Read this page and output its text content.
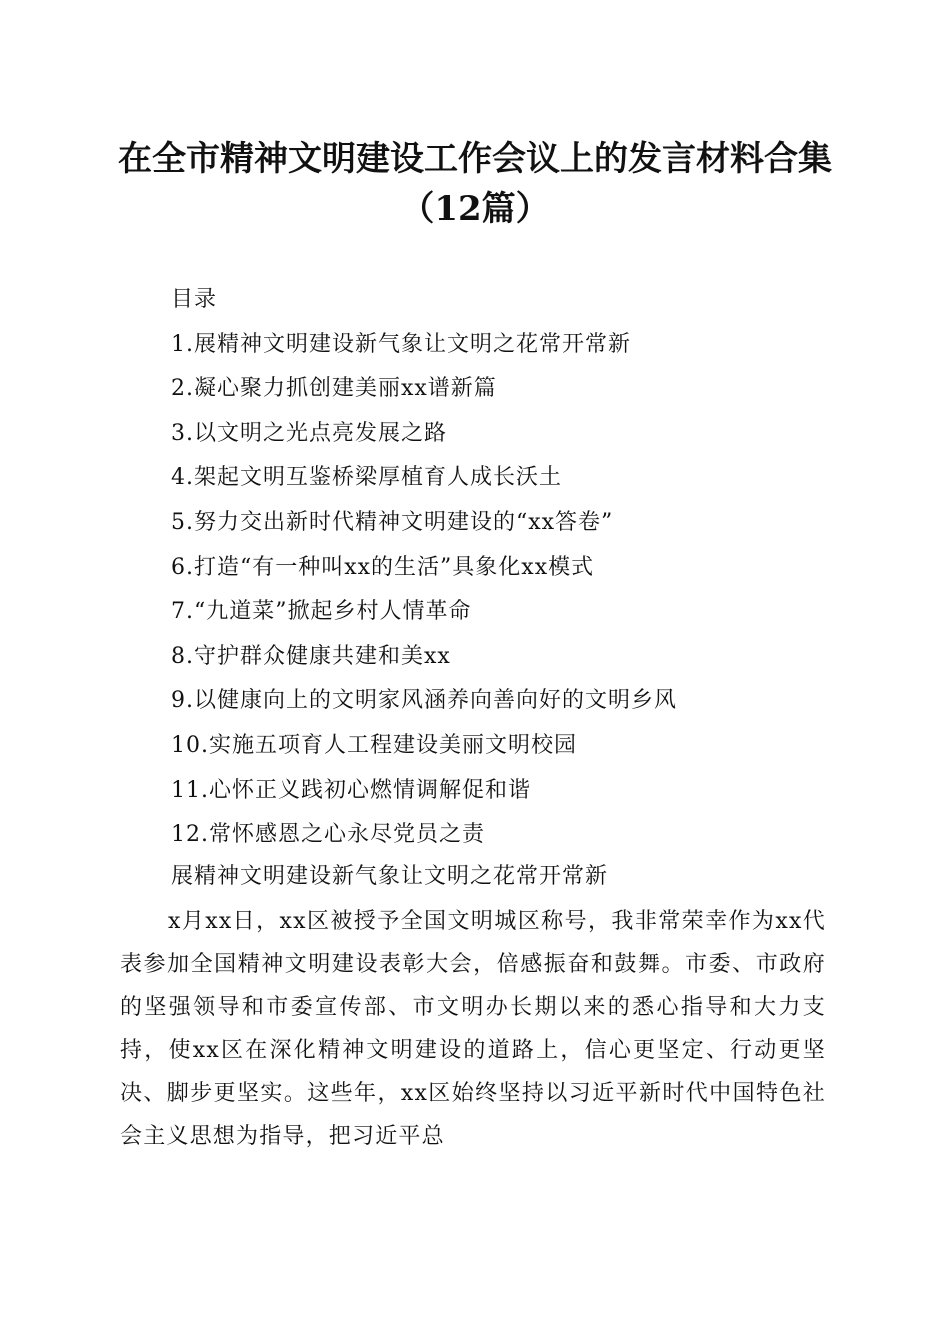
在全市精神文明建设工作会议上的发言材料合集（12篇）
目录
1.展精神文明建设新气象让文明之花常开常新
2.凝心聚力抓创建美丽xx谱新篇
3.以文明之光点亮发展之路
4.架起文明互鉴桥梁厚植育人成长沃土
5.努力交出新时代精神文明建设的“xx答卷”
6.打造“有一种叫xx的生活”具象化xx模式
7.“九道菜”掀起乡村人情革命
8.守护群众健康共建和美xx
9.以健康向上的文明家风涵养向善向好的文明乡风
10.实施五项育人工程建设美丽文明校园
11.心怀正义践初心燃情调解促和谐
12.常怀感恩之心永尽党员之责
展精神文明建设新气象让文明之花常开常新
x月xx日，xx区被授予全国文明城区称号，我非常荣幸作为xx代表参加全国精神文明建设表彰大会，倍感振奋和鼓舞。市委、市政府的坚强领导和市委宣传部、市文明办长期以来的悉心指导和大力支持，使xx区在深化精神文明建设的道路上，信心更坚定、行动更坚决、脚步更坚实。这些年，xx区始终坚持以习近平新时代中国特色社会主义思想为指导，把习近平总
